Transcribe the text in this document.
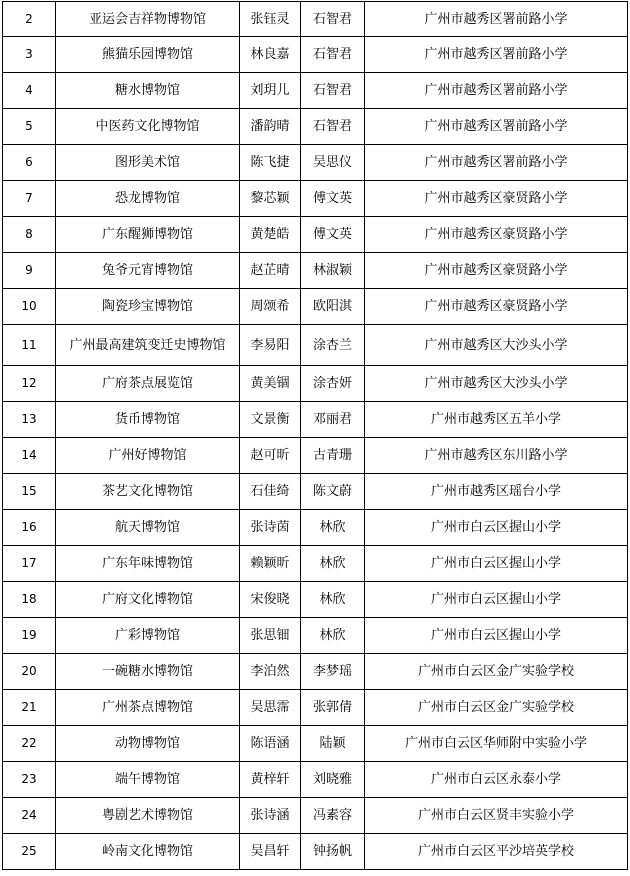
2	亚运会吉祥物博物馆	张钰灵	石智君	广州市越秀区署前路小学
3	熊猫乐园博物馆	林良嘉	石智君	广州市越秀区署前路小学
4	糖水博物馆	刘玥儿	石智君	广州市越秀区署前路小学
5	中医药文化博物馆	潘韵晴	石智君	广州市越秀区署前路小学
6	图形美术馆	陈飞捷	吴思仪	广州市越秀区署前路小学
7	恐龙博物馆	黎芯颖	傅文英	广州市越秀区豪贤路小学
8	广东醒狮博物馆	黄楚皓	傅文英	广州市越秀区豪贤路小学
9	兔爷元宵博物馆	赵芷晴	林淑颖	广州市越秀区豪贤路小学
10	陶瓷珍宝博物馆	周颂希	欧阳淇	广州市越秀区豪贤路小学
11	广州最高建筑变迁史博物馆	李易阳	涂杏兰	广州市越秀区大沙头小学
12	广府茶点展览馆	黄美锢	涂杏妍	广州市越秀区大沙头小学
13	货币博物馆	文景衡	邓丽君	广州市越秀区五羊小学
14	广州好博物馆	赵可昕	古青珊	广州市越秀区东川路小学
15	茶艺文化博物馆	石佳绮	陈文蔚	广州市越秀区瑶台小学
16	航天博物馆	张诗茵	林欣	广州市白云区握山小学
17	广东年味博物馆	赖颖昕	林欣	广州市白云区握山小学
18	广府文化博物馆	宋俊晓	林欣	广州市白云区握山小学
19	广彩博物馆	张思钿	林欣	广州市白云区握山小学
20	一碗糖水博物馆	李泊然	李梦瑶	广州市白云区金广实验学校
21	广州茶点博物馆	吴思霈	张郭倩	广州市白云区金广实验学校
22	动物博物馆	陈语涵	陆颖	广州市白云区华师附中实验小学
23	端午博物馆	黄梓轩	刘晓雅	广州市白云区永泰小学
24	粤剧艺术博物馆	张诗涵	冯素容	广州市白云区贤丰实验小学
25	岭南文化博物馆	吴昌轩	钟扬帆	广州市白云区平沙培英学校
